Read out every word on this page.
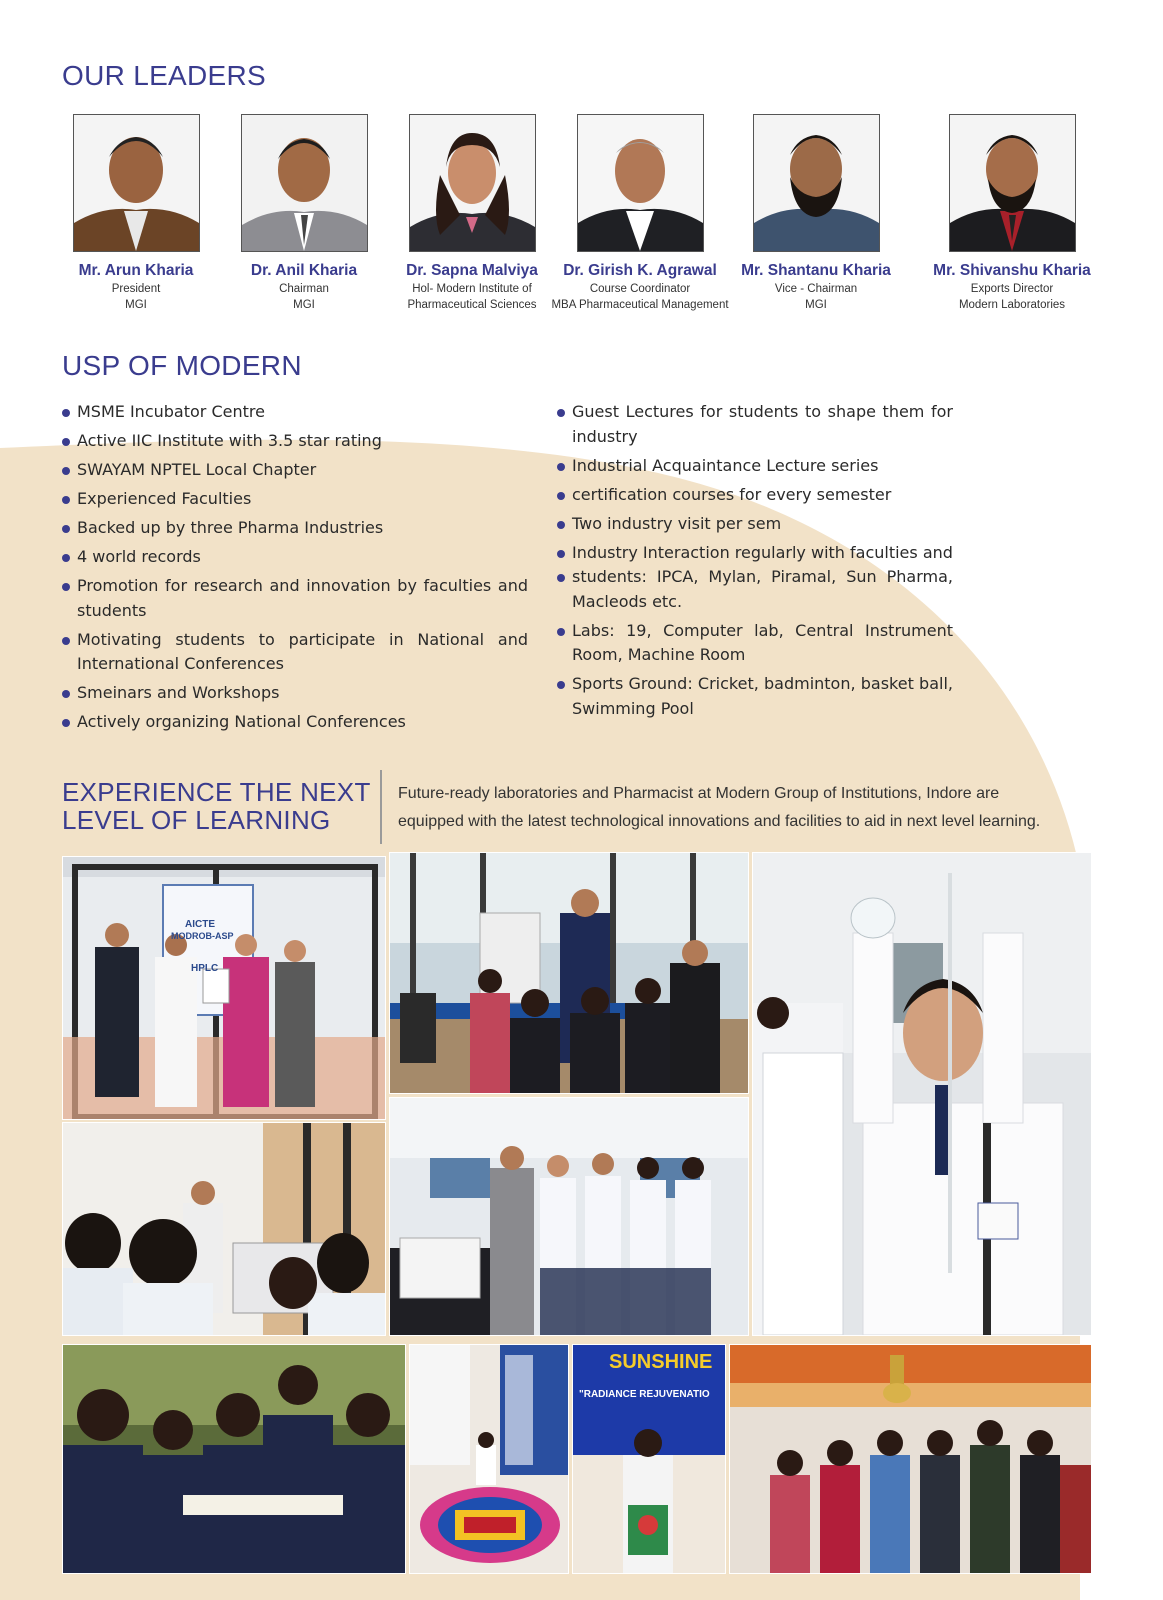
OUR LEADERS
Mr. Arun Kharia
President
MGI
Dr. Anil Kharia
Chairman
MGI
Dr. Sapna Malviya
Hol- Modern Institute of
Pharmaceutical Sciences
Dr. Girish K. Agrawal
Course Coordinator
MBA Pharmaceutical Management
Mr. Shantanu Kharia
Vice - Chairman
MGI
Mr. Shivanshu Kharia
Exports Director
Modern Laboratories
USP OF MODERN
MSME Incubator Centre
Active IIC Institute with 3.5 star rating
SWAYAM NPTEL Local Chapter
Experienced Faculties
Backed up by three Pharma Industries
4 world records
Promotion for research and innovation by faculties and students
Motivating students to participate in National and International Conferences
Smeinars and Workshops
Actively organizing National Conferences
Guest Lectures for students to shape them for industry
Industrial Acquaintance Lecture series
certification courses for every semester
Two industry visit per sem
Industry Interaction regularly with faculties and
students: IPCA, Mylan, Piramal, Sun Pharma, Macleods etc.
Labs: 19, Computer lab, Central Instrument Room, Machine Room
Sports Ground: Cricket, badminton, basket ball, Swimming Pool
EXPERIENCE THE NEXT
LEVEL OF LEARNING
Future-ready laboratories and Pharmacist at Modern Group of Institutions, Indore are
equipped with the latest technological innovations and facilities to aid in next level learning.
AICTE
MODROB-ASP
HPLC
SUNSHINE
"RADIANCE REJUVENATIO
